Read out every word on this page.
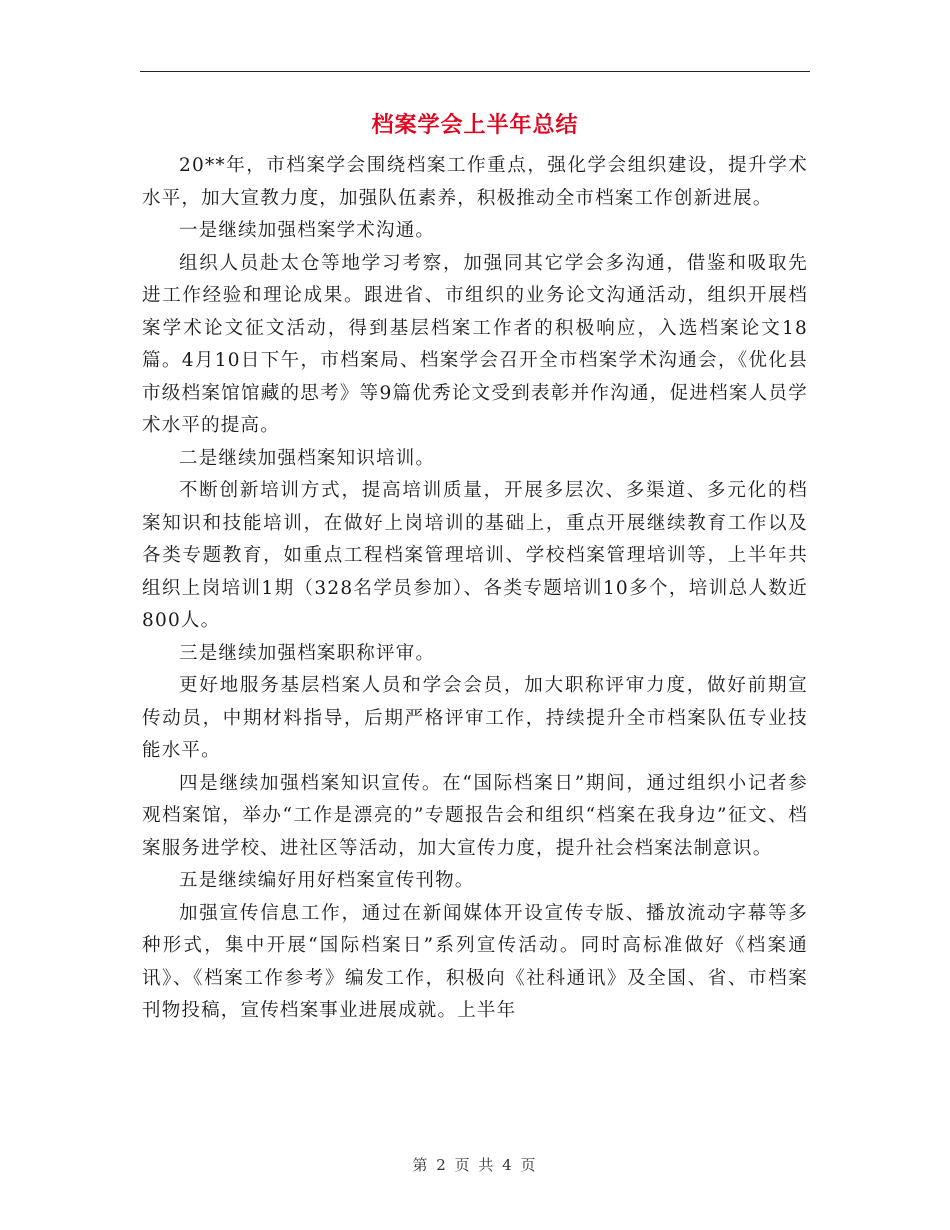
档案学会上半年总结

20**年，市档案学会围绕档案工作重点，强化学会组织建设，提升学术水平，加大宣教力度，加强队伍素养，积极推动全市档案工作创新进展。

一是继续加强档案学术沟通。

组织人员赴太仓等地学习考察，加强同其它学会多沟通，借鉴和吸取先进工作经验和理论成果。跟进省、市组织的业务论文沟通活动，组织开展档案学术论文征文活动，得到基层档案工作者的积极响应，入选档案论文18篇。4月10日下午，市档案局、档案学会召开全市档案学术沟通会，《优化县市级档案馆馆藏的思考》等9篇优秀论文受到表彰并作沟通，促进档案人员学术水平的提高。

二是继续加强档案知识培训。

不断创新培训方式，提高培训质量，开展多层次、多渠道、多元化的档案知识和技能培训，在做好上岗培训的基础上，重点开展继续教育工作以及各类专题教育，如重点工程档案管理培训、学校档案管理培训等，上半年共组织上岗培训1期（328名学员参加）、各类专题培训10多个，培训总人数近800人。

三是继续加强档案职称评审。

更好地服务基层档案人员和学会会员，加大职称评审力度，做好前期宣传动员，中期材料指导，后期严格评审工作，持续提升全市档案队伍专业技能水平。

四是继续加强档案知识宣传。在“国际档案日”期间，通过组织小记者参观档案馆，举办“工作是漂亮的”专题报告会和组织“档案在我身边”征文、档案服务进学校、进社区等活动，加大宣传力度，提升社会档案法制意识。

五是继续编好用好档案宣传刊物。

加强宣传信息工作，通过在新闻媒体开设宣传专版、播放流动字幕等多种形式，集中开展“国际档案日”系列宣传活动。同时高标准做好《档案通讯》、《档案工作参考》编发工作，积极向《社科通讯》及全国、省、市档案刊物投稿，宣传档案事业进展成就。上半年

第 2 页 共 4 页
